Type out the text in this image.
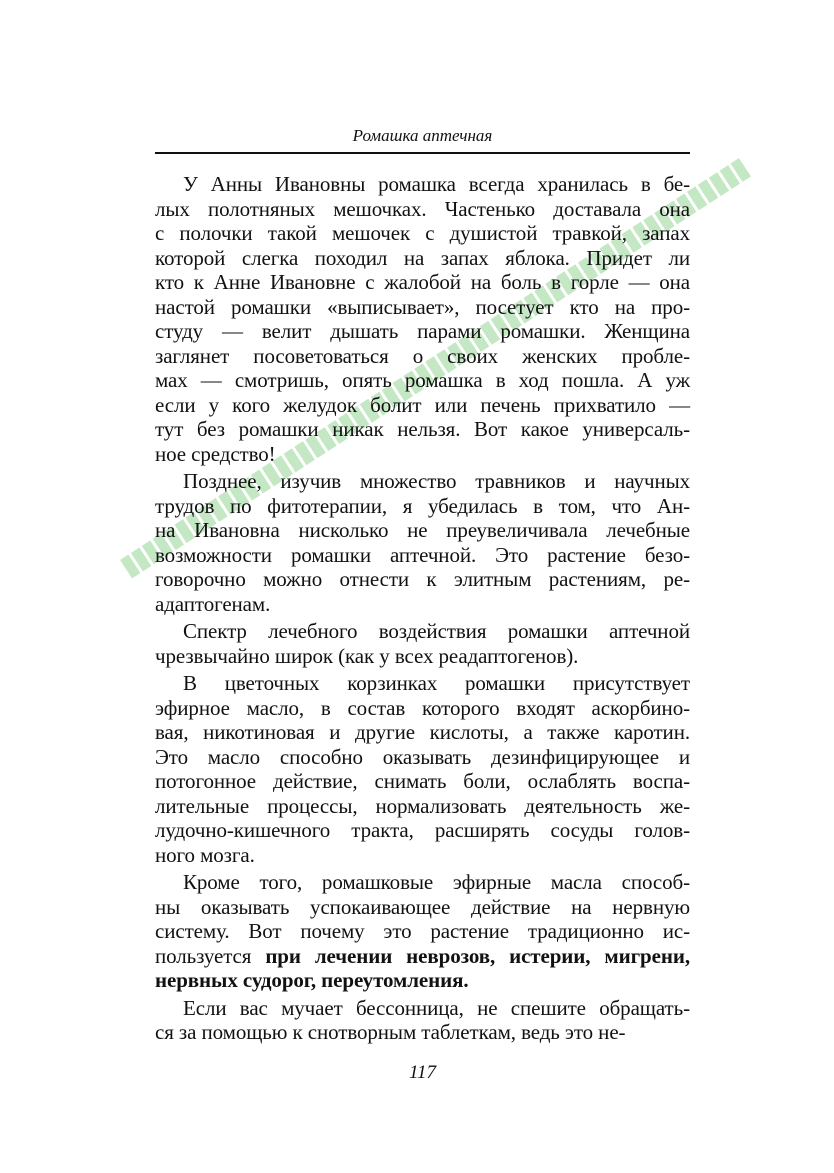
Ромашка аптечная
У Анны Ивановны ромашка всегда хранилась в бе-
лых полотняных мешочках. Частенько доставала она
с полочки такой мешочек с душистой травкой, запах
которой слегка походил на запах яблока. Придет ли
кто к Анне Ивановне с жалобой на боль в горле — она
настой ромашки «выписывает», посетует кто на про-
студу — велит дышать парами ромашки. Женщина
заглянет посоветоваться о своих женских пробле-
мах — смотришь, опять ромашка в ход пошла. А уж
если у кого желудок болит или печень прихватило —
тут без ромашки никак нельзя. Вот какое универсаль-
ное средство!
Позднее, изучив множество травников и научных
трудов по фитотерапии, я убедилась в том, что Ан-
на Ивановна нисколько не преувеличивала лечебные
возможности ромашки аптечной. Это растение безо-
говорочно можно отнести к элитным растениям, ре-
адаптогенам.
Спектр лечебного воздействия ромашки аптечной
чрезвычайно широк (как у всех реадаптогенов).
В цветочных корзинках ромашки присутствует
эфирное масло, в состав которого входят аскорбино-
вая, никотиновая и другие кислоты, а также каротин.
Это масло способно оказывать дезинфицирующее и
потогонное действие, снимать боли, ослаблять воспа-
лительные процессы, нормализовать деятельность же-
лудочно-кишечного тракта, расширять сосуды голов-
ного мозга.
Кроме того, ромашковые эфирные масла способ-
ны оказывать успокаивающее действие на нервную
систему. Вот почему это растение традиционно ис-
пользуется при лечении неврозов, истерии, мигрени,
нервных судорог, переутомления.
Если вас мучает бессонница, не спешите обращать-
ся за помощью к снотворным таблеткам, ведь это не-
117
